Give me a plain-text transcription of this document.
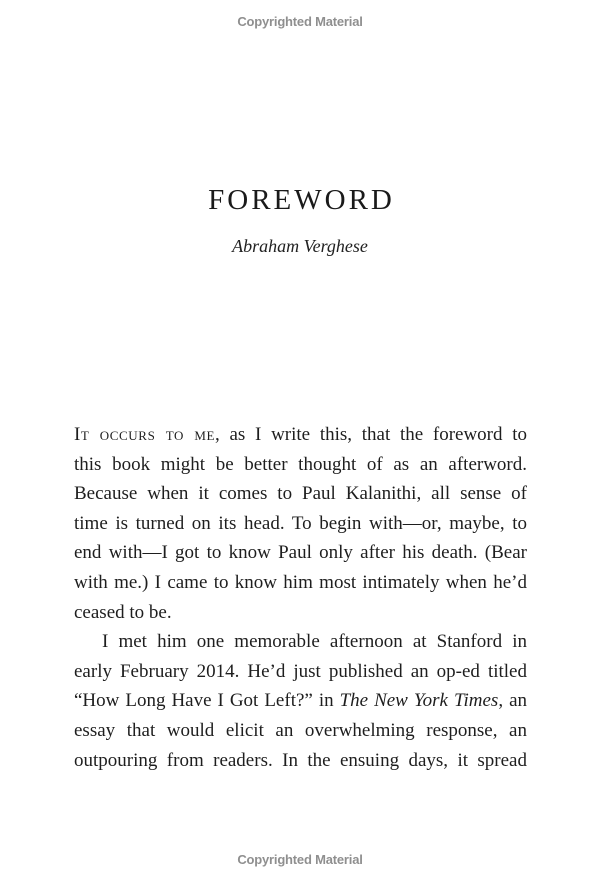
Copyrighted Material
FOREWORD
Abraham Verghese
It occurs to me, as I write this, that the foreword to
this book might be better thought of as an afterword.
Because when it comes to Paul Kalanithi, all sense of
time is turned on its head. To begin with—or, maybe, to
end with—I got to know Paul only after his death. (Bear
with me.) I came to know him most intimately when he’d
ceased to be.
I met him one memorable afternoon at Stanford in
early February 2014. He’d just published an op-ed titled
“How Long Have I Got Left?” in The New York Times, an
essay that would elicit an overwhelming response, an
outpouring from readers. In the ensuing days, it spread
Copyrighted Material
